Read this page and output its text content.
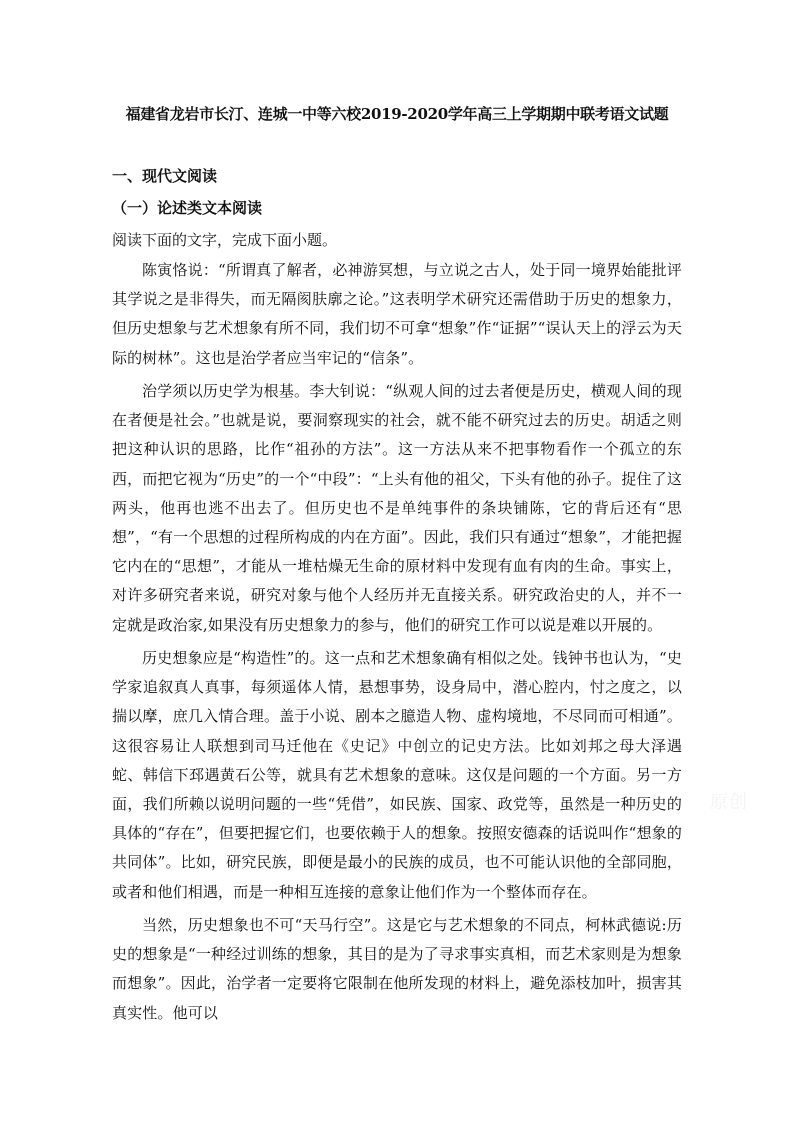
福建省龙岩市长汀、连城一中等六校2019-2020学年高三上学期期中联考语文试题
一、现代文阅读
（一）论述类文本阅读
阅读下面的文字，完成下面小题。

陈寅恪说：“所谓真了解者，必神游冥想，与立说之古人，处于同一境界始能批评其学说之是非得失，而无隔阂肤廓之论。”这表明学术研究还需借助于历史的想象力，但历史想象与艺术想象有所不同，我们切不可拿“想象”作“证据”“误认天上的浮云为天际的树林”。这也是治学者应当牢记的“信条”。

治学须以历史学为根基。李大钊说：“纵观人间的过去者便是历史，横观人间的现在者便是社会。”也就是说，要洞察现实的社会，就不能不研究过去的历史。胡适之则把这种认识的思路，比作“祖孙的方法”。这一方法从来不把事物看作一个孤立的东西，而把它视为“历史”的一个“中段”：“上头有他的祖父，下头有他的孙子。捉住了这两头，他再也逃不出去了。但历史也不是单纯事件的条块铺陈，它的背后还有“思想”，“有一个思想的过程所构成的内在方面”。因此，我们只有通过“想象”，才能把握它内在的“思想”，才能从一堆枯燥无生命的原材料中发现有血有肉的生命。事实上，对许多研究者来说，研究对象与他个人经历并无直接关系。研究政治史的人，并不一定就是政治家,如果没有历史想象力的参与，他们的研究工作可以说是难以开展的。

历史想象应是“构造性”的。这一点和艺术想象确有相似之处。钱钟书也认为，“史学家追叙真人真事，每须遥体人情，悬想事势，设身局中，潜心腔内，忖之度之，以揣以摩，庶几入情合理。盖于小说、剧本之臆造人物、虚构境地，不尽同而可相通”。这很容易让人联想到司马迁他在《史记》中创立的记史方法。比如刘邦之母大泽遇蛇、韩信下邳遇黄石公等，就具有艺术想象的意味。这仅是问题的一个方面。另一方面，我们所赖以说明问题的一些“凭借”，如民族、国家、政党等，虽然是一种历史的具体的“存在”，但要把握它们，也要依赖于人的想象。按照安德森的话说叫作“想象的共同体”。比如，研究民族，即便是最小的民族的成员，也不可能认识他的全部同胞，或者和他们相遇，而是一种相互连接的意象让他们作为一个整体而存在。

当然，历史想象也不可“天马行空”。这是它与艺术想象的不同点，柯林武德说:历史的想象是“一种经过训练的想象，其目的是为了寻求事实真相，而艺术家则是为想象而想象”。因此，治学者一定要将它限制在他所发现的材料上，避免添枝加叶，损害其真实性。他可以

原创
